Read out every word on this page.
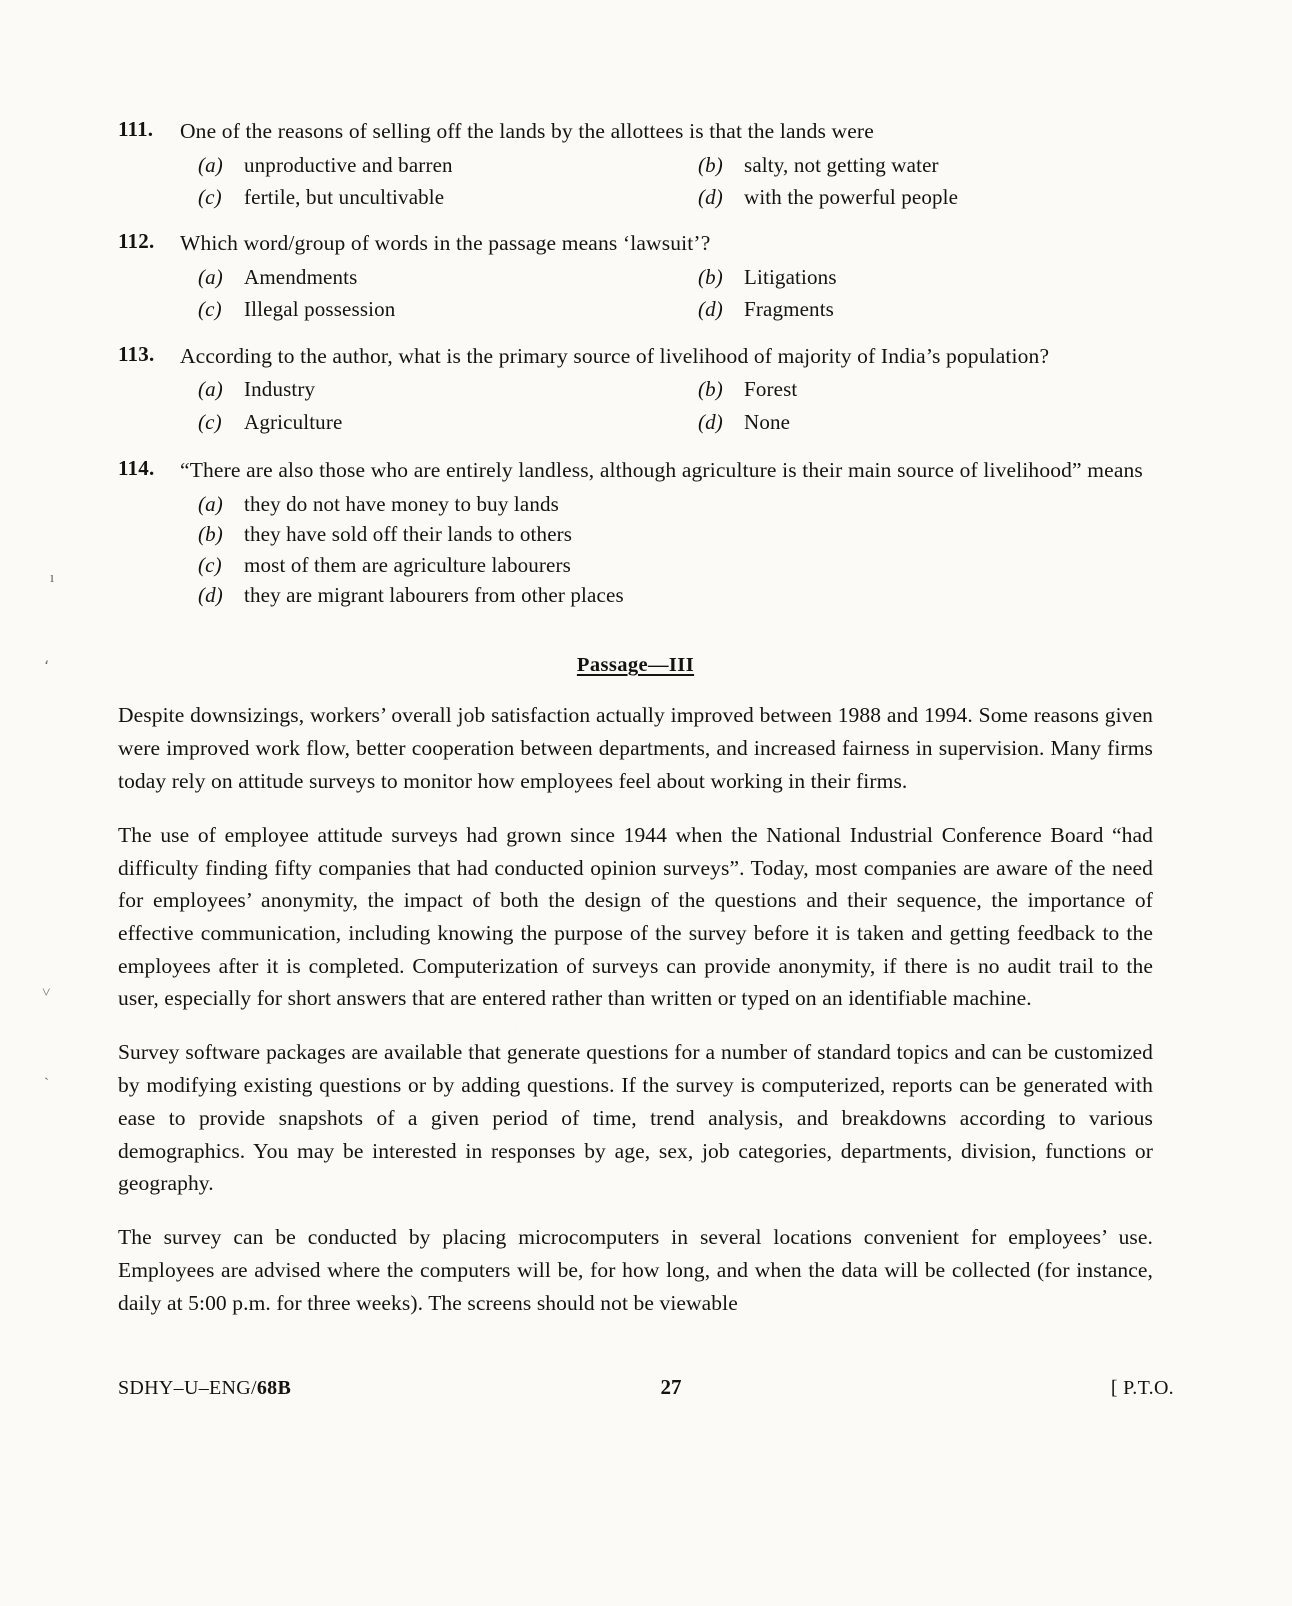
ı
،
˅
ˎ
111.	One of the reasons of selling off the lands by the allottees is that the lands were
(a)	unproductive and barren	(b)	salty, not getting water
(c)	fertile, but uncultivable	(d)	with the powerful people
112.	Which word/group of words in the passage means ‘lawsuit’?
(a)	Amendments	(b)	Litigations
(c)	Illegal possession	(d)	Fragments
113.	According to the author, what is the primary source of livelihood of majority of India’s population?
(a)	Industry	(b)	Forest
(c)	Agriculture	(d)	None
114.	“There are also those who are entirely landless, although agriculture is their main source of livelihood” means
(a)	they do not have money to buy lands
(b)	they have sold off their lands to others
(c)	most of them are agriculture labourers
(d)	they are migrant labourers from other places
Passage—III

Despite downsizings, workers’ overall job satisfaction actually improved between 1988 and 1994. Some reasons given were improved work flow, better cooperation between departments, and increased fairness in supervision. Many firms today rely on attitude surveys to monitor how employees feel about working in their firms.

The use of employee attitude surveys had grown since 1944 when the National Industrial Conference Board “had difficulty finding fifty companies that had conducted opinion surveys”. Today, most companies are aware of the need for employees’ anonymity, the impact of both the design of the questions and their sequence, the importance of effective communication, including knowing the purpose of the survey before it is taken and getting feedback to the employees after it is completed. Computerization of surveys can provide anonymity, if there is no audit trail to the user, especially for short answers that are entered rather than written or typed on an identifiable machine.

Survey software packages are available that generate questions for a number of standard topics and can be customized by modifying existing questions or by adding questions. If the survey is computerized, reports can be generated with ease to provide snapshots of a given period of time, trend analysis, and breakdowns according to various demographics. You may be interested in responses by age, sex, job categories, departments, division, functions or geography.

The survey can be conducted by placing microcomputers in several locations convenient for employees’ use. Employees are advised where the computers will be, for how long, and when the data will be collected (for instance, daily at 5:00 p.m. for three weeks). The screens should not be viewable

SDHY–U–ENG/68B	27	[ P.T.O.
